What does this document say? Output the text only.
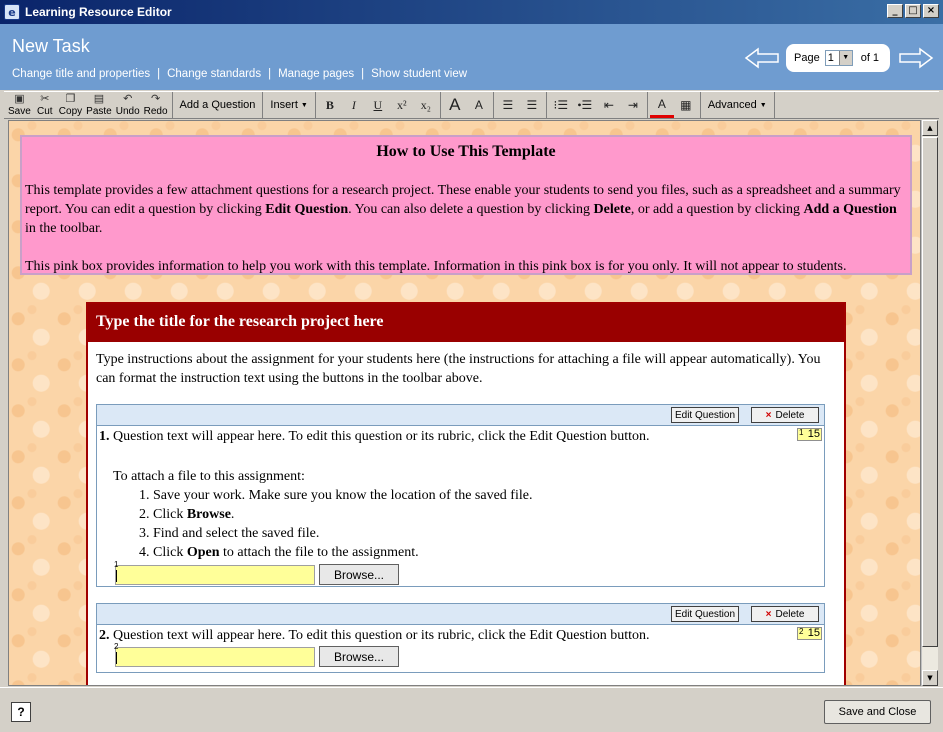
e Learning Resource Editor	_	□ ×
New Task
Change title and properties | Change standards | Manage pages | Show student view
Page 1	▼ of 1
▣
Save
✂
Cut
❐
Copy
▤
Paste
↶
Undo
↷
Redo	Add a Question	Insert ▼	B	I	U	x²	x₂	A	A	☰	☰	⁝☰ •☰ ⇤	⇥	A	▦	Advanced ▼
How to Use This Template

This template provides a few attachment questions for a research project. These enable your students to send you files, such as a spreadsheet and a summary report. You can edit a question by clicking Edit Question. You can also delete a question by clicking Delete, or add a question by clicking Add a Question in the toolbar.

This pink box provides information to help you work with this template. Information in this pink box is for you only. It will not appear to students.

Type the title for the research project here
Type instructions about the assignment for your students here (the instructions for attaching a file will appear automatically). You can format the instruction text using the buttons in the toolbar above.
Edit Question	× Delete
1. Question text will appear here. To edit this question or its rubric, click the Edit Question button.	1 15
To attach a file to this assignment:
1. Save your work. Make sure you know the location of the saved file.
2. Click Browse.
3. Find and select the saved file.
4. Click Open to attach the file to the assignment.
1
Browse...
Edit Question	× Delete
2. Question text will appear here. To edit this question or its rubric, click the Edit Question button.	2 15
2
Browse...
▲
▼
?	Save and Close
